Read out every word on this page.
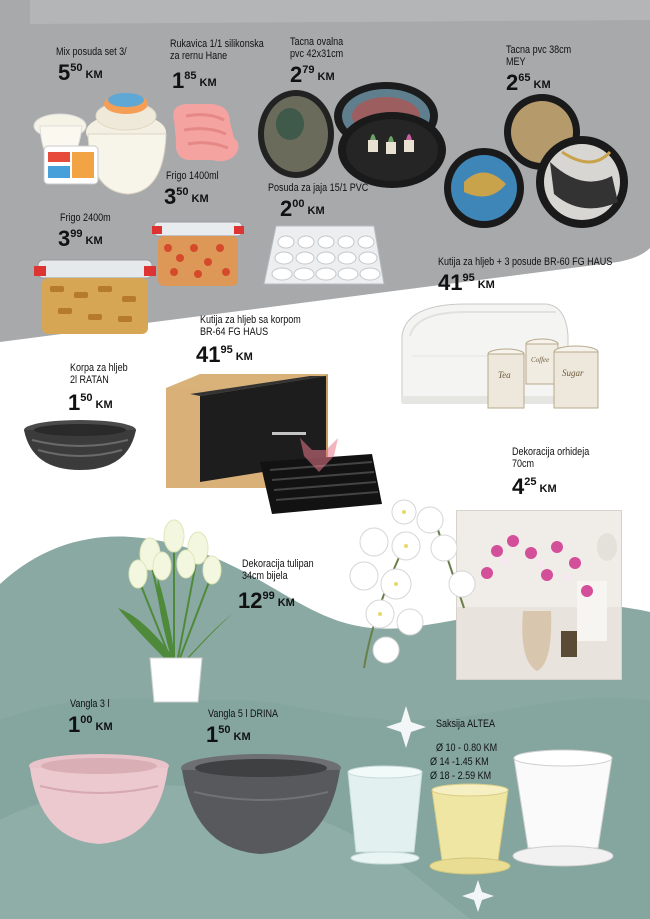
Mix posuda set 3/
$5^{50}KM$
Rukavica 1/1 silikonska
za rernu Hane
$1^{85}KM$
Tacna ovalna
pvc 42x31cm
$2^{79}KM$
Tacna pvc 38cm
MEY
$2^{65}KM$
Frigo 1400ml
$3^{50}KM$
Posuda za jaja 15/1 PVC
$2^{00}KM$
Frigo 2400m
$3^{99}KM$
Kutija za hljeb + 3 posude BR-60 FG HAUS
$41^{95}KM$
Tea
Coffee
Sugar
Kutija za hljeb sa korpom
BR-64 FG HAUS
$41^{95}KM$
Korpa za hljeb
2l RATAN
$1^{50}KM$
Dekoracija orhideja
70cm
$4^{25}KM$
Dekoracija tulipan
34cm bijela
$12^{99}KM$
Vangla 3 l
$1^{00}KM$
Vangla 5 l DRINA
$1^{50}KM$
Saksija ALTEA
Ø 10 - 0.80 KM
Ø 14 -1.45 KM
Ø 18 - 2.59 KM
